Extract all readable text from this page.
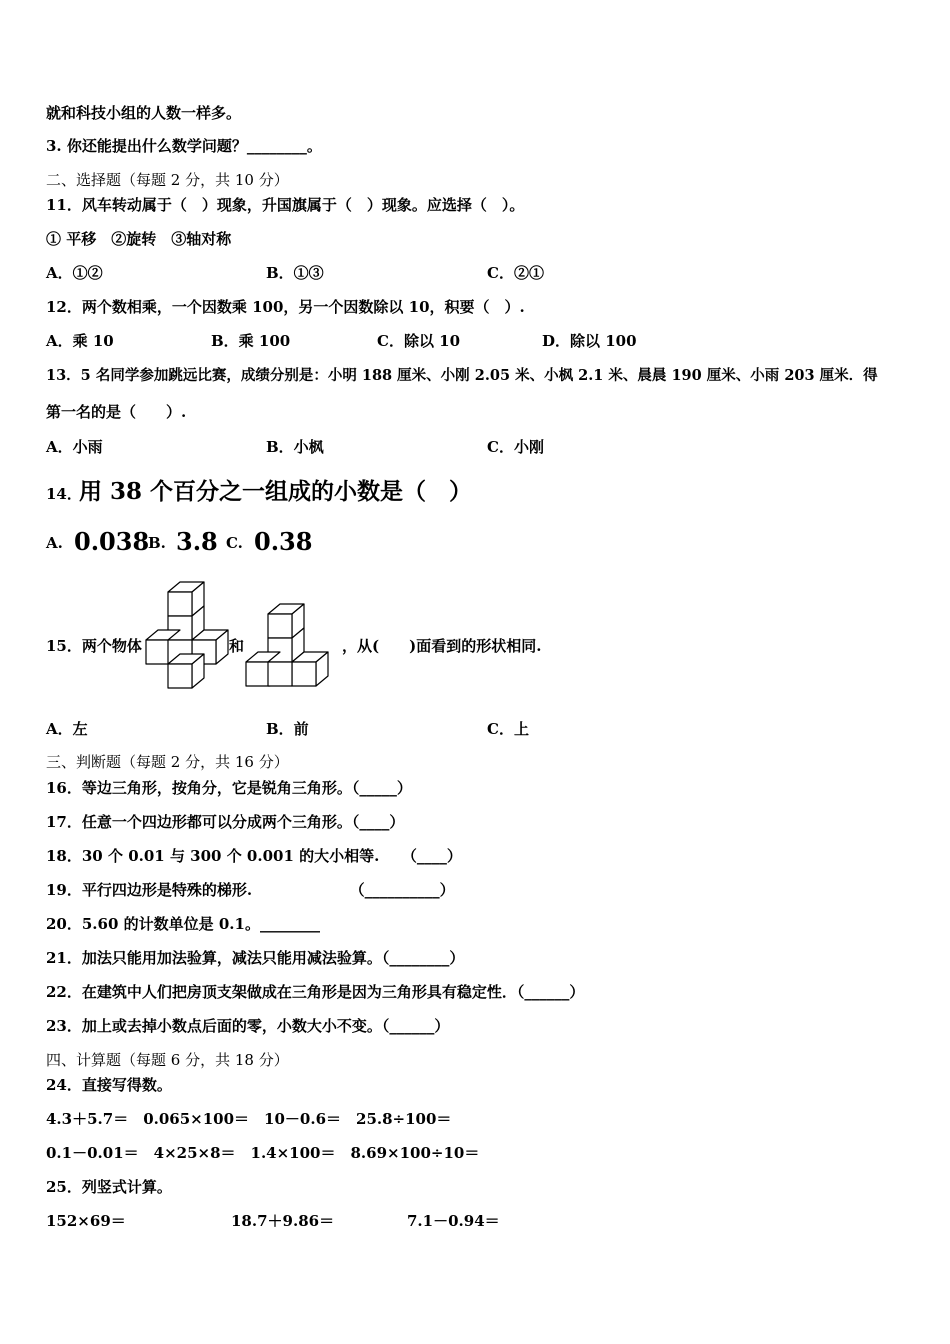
就和科技小组的人数一样多。
3. 你还能提出什么数学问题？________。
二、选择题（每题 2 分，共 10 分）
11．风车转动属于（　）现象，升国旗属于（　）现象。应选择（　）。
① 平移　②旋转　③轴对称
A．①②	B．①③	C．②①
12．两个数相乘，一个因数乘 100，另一个因数除以 10，积要（　）.
A．乘 10	B．乘 100	C．除以 10	D．除以 100
13．5 名同学参加跳远比赛，成绩分别是：小明 188 厘米、小刚 2.05 米、小枫 2.1 米、晨晨 190 厘米、小雨 203 厘米．得
第一名的是（　　）.
A．小雨	B．小枫	C．小刚
14．
用 38 个百分之一组成的小数是（　）
A. 0.038
B. 3.8 C. 0.38
15．两个物体	和	，从(　　)面看到的形状相同.
A．左	B．前	C．上
三、判断题（每题 2 分，共 16 分）
16．等边三角形，按角分，它是锐角三角形。（_____）
17．任意一个四边形都可以分成两个三角形。（____）
18．30 个 0.01 与 300 个 0.001 的大小相等.　　（____）
19．平行四边形是特殊的梯形.　　　　　　　（__________）
20．5.60 的计数单位是 0.1。________
21．加法只能用加法验算，减法只能用减法验算。（________）
22．在建筑中人们把房顶支架做成在三角形是因为三角形具有稳定性．（______）
23．加上或去掉小数点后面的零，小数大小不变。（______）
四、计算题（每题 6 分，共 18 分）
24．直接写得数。
4.3＋5.7＝　0.065×100＝　10－0.6＝　25.8÷100＝
0.1－0.01＝　4×25×8＝　1.4×100＝　8.69×100÷10＝
25．列竖式计算。
152×69＝	18.7＋9.86＝	7.1－0.94＝
